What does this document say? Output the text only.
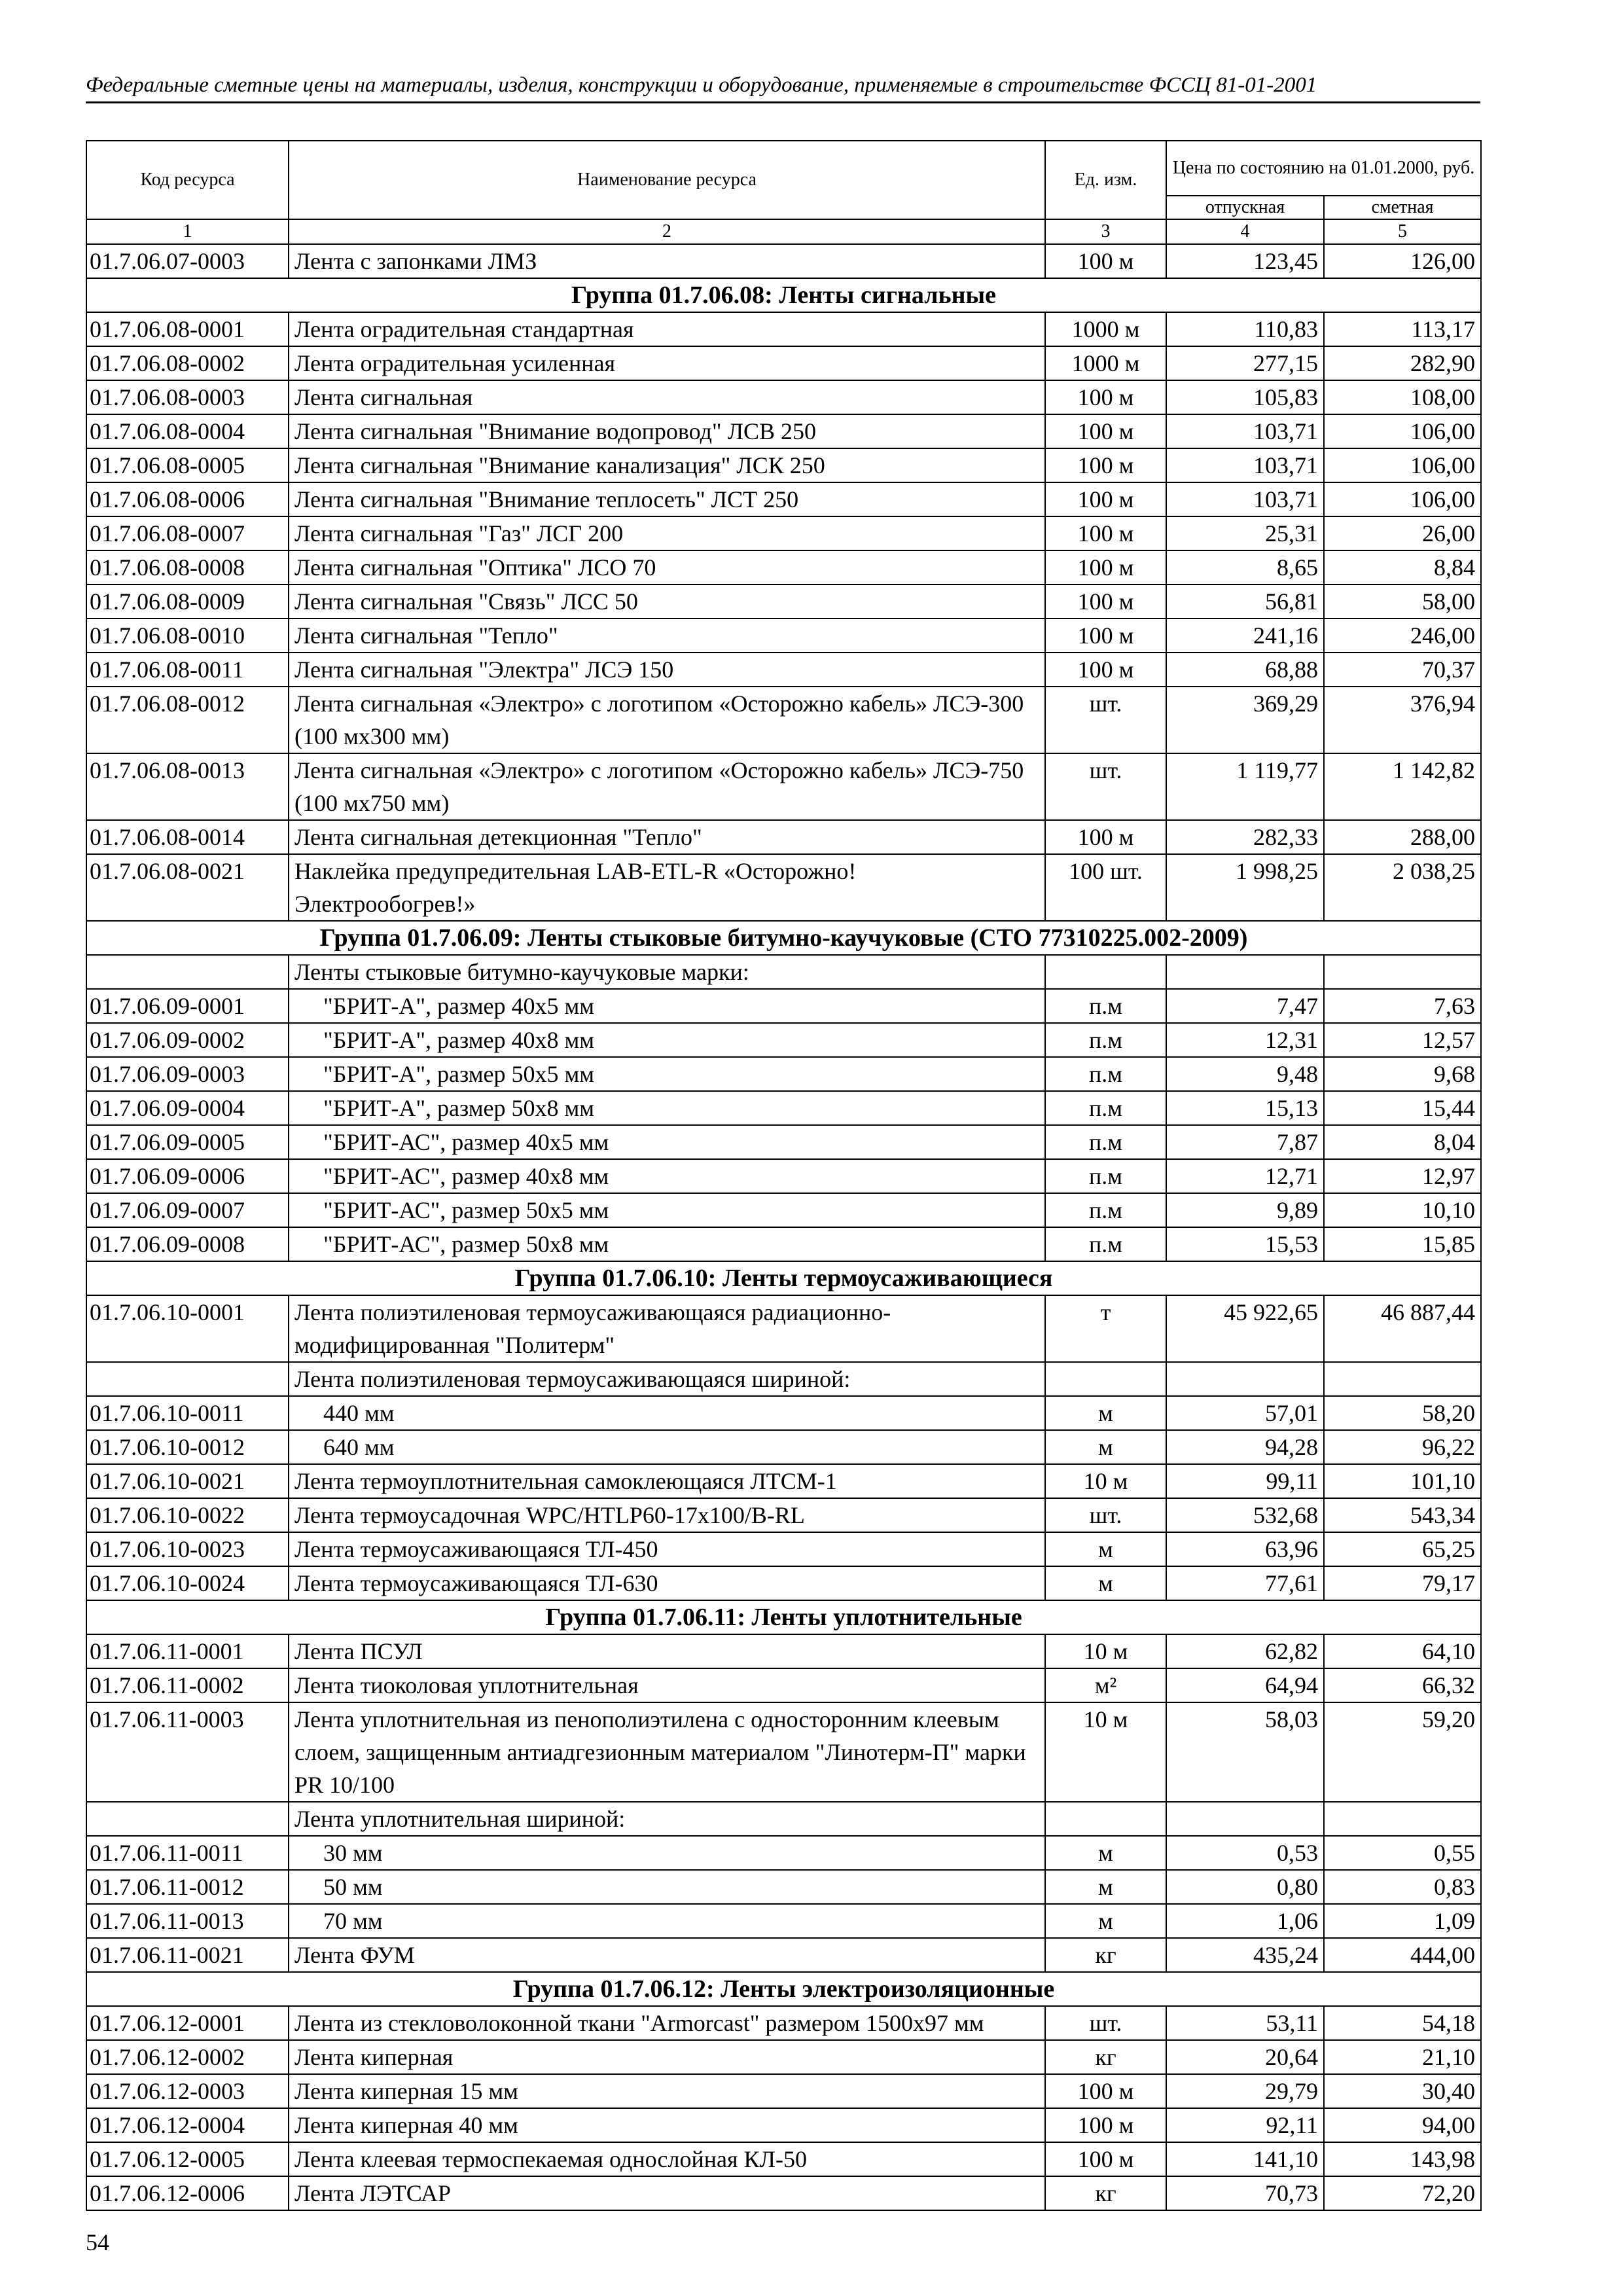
Федеральные сметные цены на материалы, изделия, конструкции и оборудование, применяемые в строительстве ФССЦ 81-01-2001
Код ресурса	Наименование ресурса	Ед. изм.	Цена по состоянию на 01.01.2000, руб.	
			отпускная	сметная
1	2	3	4	5
01.7.06.07-0003	Лента с запонками ЛМЗ	100 м	123,45	126,00
Группа 01.7.06.08: Ленты сигнальные				
01.7.06.08-0001	Лента оградительная стандартная	1000 м	110,83	113,17
01.7.06.08-0002	Лента оградительная усиленная	1000 м	277,15	282,90
01.7.06.08-0003	Лента сигнальная	100 м	105,83	108,00
01.7.06.08-0004	Лента сигнальная "Внимание водопровод" ЛСВ 250	100 м	103,71	106,00
01.7.06.08-0005	Лента сигнальная "Внимание канализация" ЛСК 250	100 м	103,71	106,00
01.7.06.08-0006	Лента сигнальная "Внимание теплосеть" ЛСТ 250	100 м	103,71	106,00
01.7.06.08-0007	Лента сигнальная "Газ" ЛСГ 200	100 м	25,31	26,00
01.7.06.08-0008	Лента сигнальная "Оптика" ЛСО 70	100 м	8,65	8,84
01.7.06.08-0009	Лента сигнальная "Связь" ЛСС 50	100 м	56,81	58,00
01.7.06.08-0010	Лента сигнальная "Тепло"	100 м	241,16	246,00
01.7.06.08-0011	Лента сигнальная "Электра" ЛСЭ 150	100 м	68,88	70,37
01.7.06.08-0012	Лента сигнальная «Электро» с логотипом «Осторожно кабель» ЛСЭ-300 (100 мх300 мм)	шт.	369,29	376,94
01.7.06.08-0013	Лента сигнальная «Электро» с логотипом «Осторожно кабель» ЛСЭ-750 (100 мх750 мм)	шт.	1 119,77	1 142,82
01.7.06.08-0014	Лента сигнальная детекционная "Тепло"	100 м	282,33	288,00
01.7.06.08-0021	Наклейка предупредительная LAB-ETL-R «Осторожно! Электрообогрев!»	100 шт.	1 998,25	2 038,25
Группа 01.7.06.09: Ленты стыковые битумно-каучуковые (СТО 77310225.002-2009)				
	Ленты стыковые битумно-каучуковые марки:			
01.7.06.09-0001	"БРИТ-А", размер 40х5 мм	п.м	7,47	7,63
01.7.06.09-0002	"БРИТ-А", размер 40х8 мм	п.м	12,31	12,57
01.7.06.09-0003	"БРИТ-А", размер 50х5 мм	п.м	9,48	9,68
01.7.06.09-0004	"БРИТ-А", размер 50х8 мм	п.м	15,13	15,44
01.7.06.09-0005	"БРИТ-АС", размер 40х5 мм	п.м	7,87	8,04
01.7.06.09-0006	"БРИТ-АС", размер 40х8 мм	п.м	12,71	12,97
01.7.06.09-0007	"БРИТ-АС", размер 50х5 мм	п.м	9,89	10,10
01.7.06.09-0008	"БРИТ-АС", размер 50х8 мм	п.м	15,53	15,85
Группа 01.7.06.10: Ленты термоусаживающиеся				
01.7.06.10-0001	Лента полиэтиленовая термоусаживающаяся радиационно-модифицированная "Политерм"	т	45 922,65	46 887,44
	Лента полиэтиленовая термоусаживающаяся шириной:			
01.7.06.10-0011	440 мм	м	57,01	58,20
01.7.06.10-0012	640 мм	м	94,28	96,22
01.7.06.10-0021	Лента термоуплотнительная самоклеющаяся ЛТСМ-1	10 м	99,11	101,10
01.7.06.10-0022	Лента термоусадочная WPC/HTLP60-17x100/B-RL	шт.	532,68	543,34
01.7.06.10-0023	Лента термоусаживающаяся ТЛ-450	м	63,96	65,25
01.7.06.10-0024	Лента термоусаживающаяся ТЛ-630	м	77,61	79,17
Группа 01.7.06.11: Ленты уплотнительные				
01.7.06.11-0001	Лента ПСУЛ	10 м	62,82	64,10
01.7.06.11-0002	Лента тиоколовая уплотнительная	м²	64,94	66,32
01.7.06.11-0003	Лента уплотнительная из пенополиэтилена с односторонним клеевым слоем, защищенным антиадгезионным материалом "Линотерм-П" марки PR 10/100	10 м	58,03	59,20
	Лента уплотнительная шириной:			
01.7.06.11-0011	30 мм	м	0,53	0,55
01.7.06.11-0012	50 мм	м	0,80	0,83
01.7.06.11-0013	70 мм	м	1,06	1,09
01.7.06.11-0021	Лента ФУМ	кг	435,24	444,00
Группа 01.7.06.12: Ленты электроизоляционные				
01.7.06.12-0001	Лента из стекловолоконной ткани "Armorcast" размером 1500х97 мм	шт.	53,11	54,18
01.7.06.12-0002	Лента киперная	кг	20,64	21,10
01.7.06.12-0003	Лента киперная 15 мм	100 м	29,79	30,40
01.7.06.12-0004	Лента киперная 40 мм	100 м	92,11	94,00
01.7.06.12-0005	Лента клеевая термоспекаемая однослойная КЛ-50	100 м	141,10	143,98
01.7.06.12-0006	Лента ЛЭТСАР	кг	70,73	72,20
54
